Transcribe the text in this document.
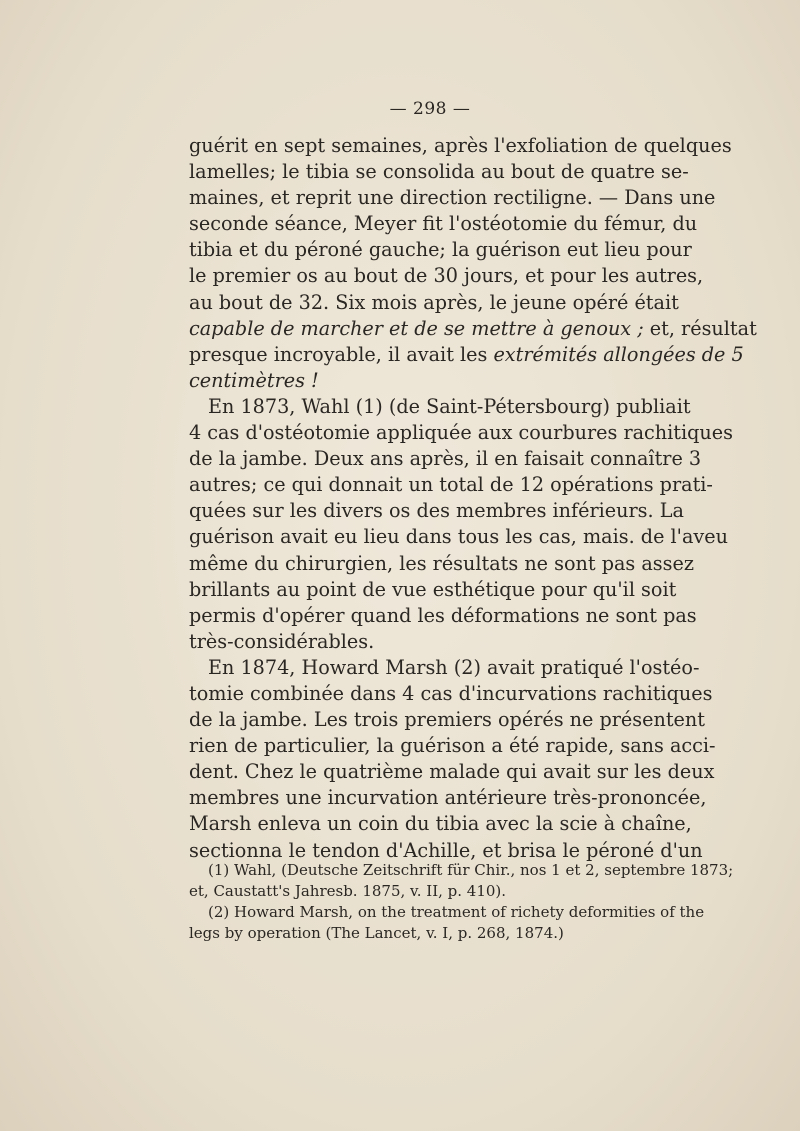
— 298 —
guérit en sept semaines, après l'exfoliation de quelques
lamelles; le tibia se consolida au bout de quatre se-
maines, et reprit une direction rectiligne. — Dans une
seconde séance, Meyer fit l'ostéotomie du fémur, du
tibia et du péroné gauche; la guérison eut lieu pour
le premier os au bout de 30 jours, et pour les autres,
au bout de 32. Six mois après, le jeune opéré était
capable de marcher et de se mettre à genoux ; et, résultat
presque incroyable, il avait les extrémités allongées de 5
centimètres !
En 1873, Wahl (1) (de Saint-Pétersbourg) publiait
4 cas d'ostéotomie appliquée aux courbures rachitiques
de la jambe. Deux ans après, il en faisait connaître 3
autres; ce qui donnait un total de 12 opérations prati-
quées sur les divers os des membres inférieurs. La
guérison avait eu lieu dans tous les cas, mais. de l'aveu
même du chirurgien, les résultats ne sont pas assez
brillants au point de vue esthétique pour qu'il soit
permis d'opérer quand les déformations ne sont pas
très-considérables.
En 1874, Howard Marsh (2) avait pratiqué l'ostéo-
tomie combinée dans 4 cas d'incurvations rachitiques
de la jambe. Les trois premiers opérés ne présentent
rien de particulier, la guérison a été rapide, sans acci-
dent. Chez le quatrième malade qui avait sur les deux
membres une incurvation antérieure très-prononcée,
Marsh enleva un coin du tibia avec la scie à chaîne,
sectionna le tendon d'Achille, et brisa le péroné d'un
(1) Wahl, (Deutsche Zeitschrift für Chir., nos 1 et 2, septembre 1873;
et, Caustatt's Jahresb. 1875, v. II, p. 410).
(2) Howard Marsh, on the treatment of richety deformities of the
legs by operation (The Lancet, v. I, p. 268, 1874.)
